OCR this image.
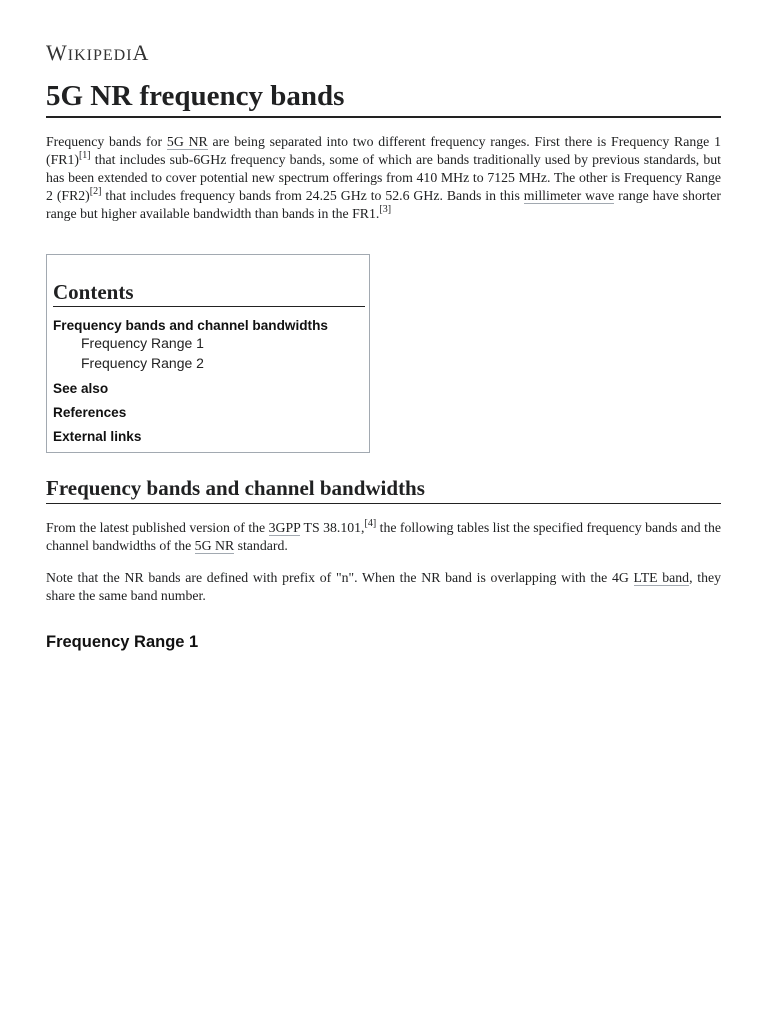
WIKIPEDIA
5G NR frequency bands

Frequency bands for 5G NR are being separated into two different frequency ranges. First there is Frequency Range 1 (FR1)[1] that includes sub-6GHz frequency bands, some of which are bands traditionally used by previous standards, but has been extended to cover potential new spectrum offerings from 410 MHz to 7125 MHz. The other is Frequency Range 2 (FR2)[2] that includes frequency bands from 24.25 GHz to 52.6 GHz. Bands in this millimeter wave range have shorter range but higher available bandwidth than bands in the FR1.[3]

Contents
Frequency bands and channel bandwidths
Frequency Range 1
Frequency Range 2
See also
References
External links
Frequency bands and channel bandwidths

From the latest published version of the 3GPP TS 38.101,[4] the following tables list the specified frequency bands and the channel bandwidths of the 5G NR standard.

Note that the NR bands are defined with prefix of "n". When the NR band is overlapping with the 4G LTE band, they share the same band number.

Frequency Range 1
